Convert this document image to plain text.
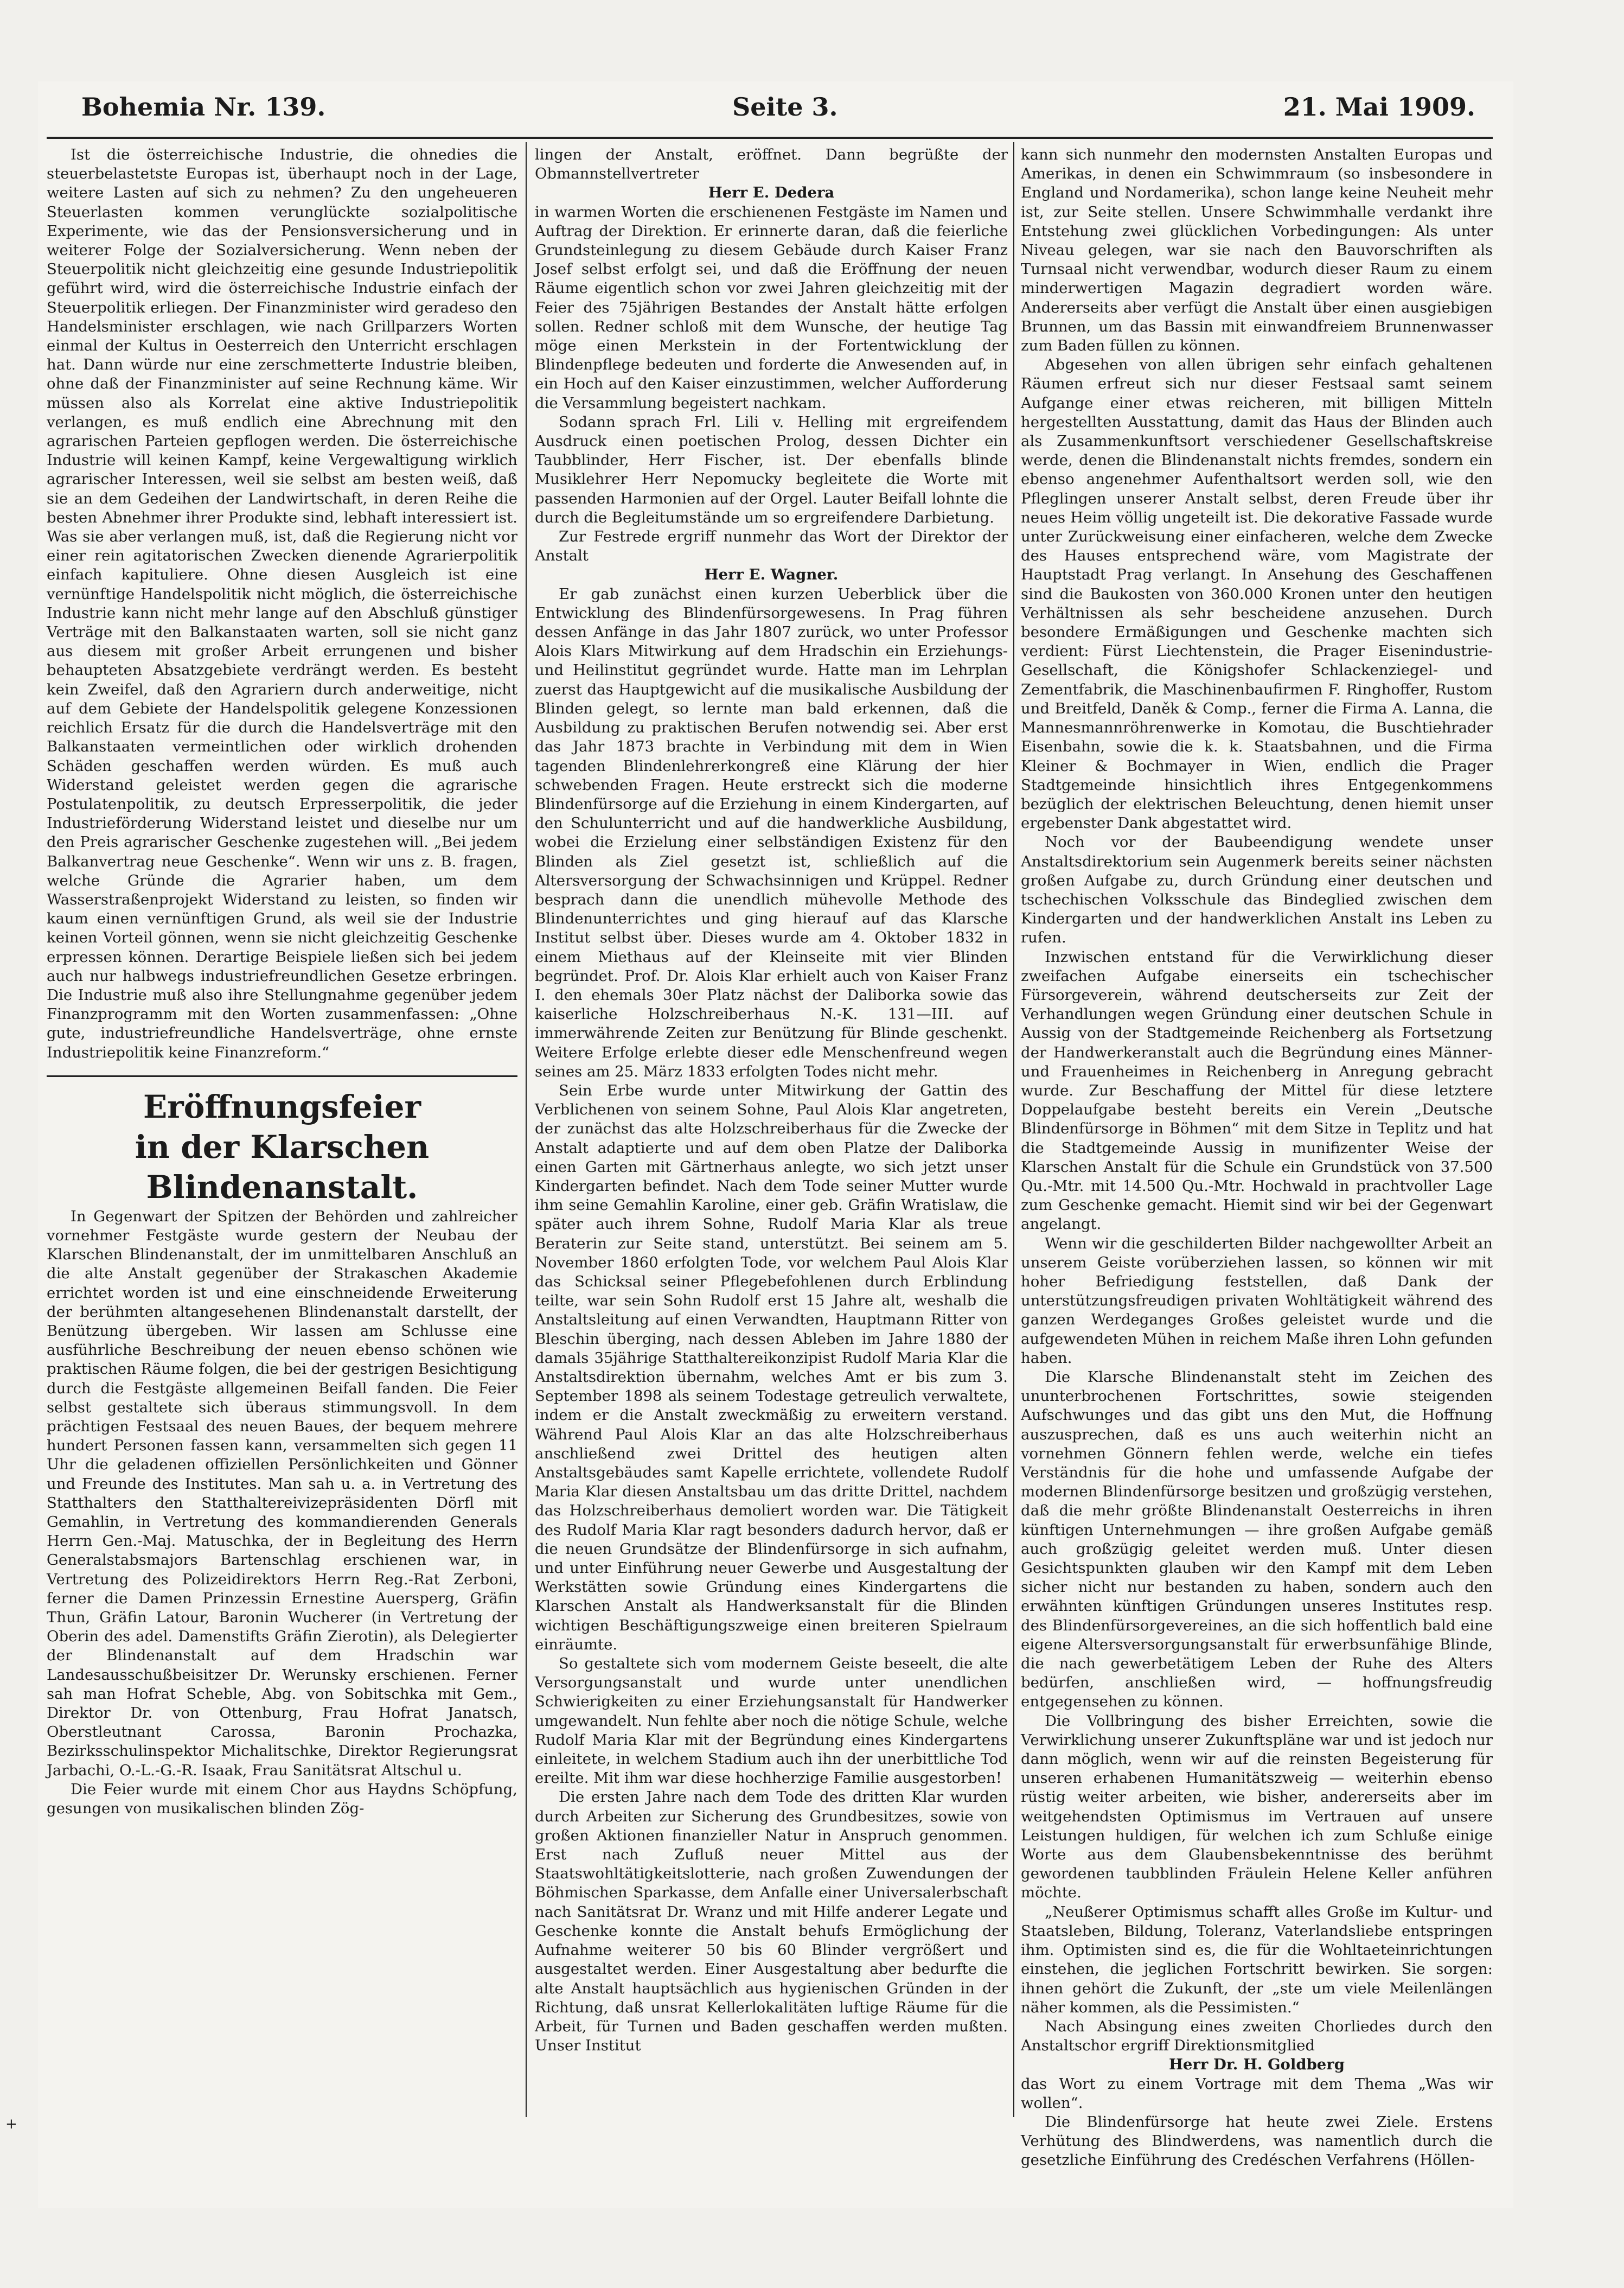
Bohemia Nr. 139.	Seite 3.	21. Mai 1909.

Ist die österreichische Industrie, die ohnedies die steuerbelastetste Europas ist, überhaupt noch in der Lage, weitere Lasten auf sich zu nehmen? Zu den ungeheueren Steuerlasten kommen verunglückte sozialpolitische Experimente, wie das der Pensionsversicherung und in weiterer Folge der Sozialversicherung. Wenn neben der Steuerpolitik nicht gleichzeitig eine gesunde Industriepolitik geführt wird, wird die österreichische Industrie einfach der Steuerpolitik erliegen. Der Finanzminister wird geradeso den Handelsminister erschlagen, wie nach Grillparzers Worten einmal der Kultus in Oesterreich den Unterricht erschlagen hat. Dann würde nur eine zerschmetterte Industrie bleiben, ohne daß der Finanzminister auf seine Rechnung käme. Wir müssen also als Korrelat eine aktive Industriepolitik verlangen, es muß endlich eine Abrechnung mit den agrarischen Parteien gepflogen werden. Die österreichische Industrie will keinen Kampf, keine Vergewaltigung wirklich agrarischer Interessen, weil sie selbst am besten weiß, daß sie an dem Gedeihen der Landwirtschaft, in deren Reihe die besten Abnehmer ihrer Produkte sind, lebhaft interessiert ist. Was sie aber verlangen muß, ist, daß die Regierung nicht vor einer rein agitatorischen Zwecken dienende Agrarierpolitik einfach kapituliere. Ohne diesen Ausgleich ist eine vernünftige Handelspolitik nicht möglich, die österreichische Industrie kann nicht mehr lange auf den Abschluß günstiger Verträge mit den Balkanstaaten warten, soll sie nicht ganz aus diesem mit großer Arbeit errungenen und bisher behaupteten Absatzgebiete verdrängt werden. Es besteht kein Zweifel, daß den Agrariern durch anderweitige, nicht auf dem Gebiete der Handelspolitik gelegene Konzessionen reichlich Ersatz für die durch die Handelsverträge mit den Balkanstaaten vermeintlichen oder wirklich drohenden Schäden geschaffen werden würden. Es muß auch Widerstand geleistet werden gegen die agrarische Postulatenpolitik, zu deutsch Erpresserpolitik, die jeder Industrieförderung Widerstand leistet und dieselbe nur um den Preis agrarischer Geschenke zugestehen will. „Bei jedem Balkanvertrag neue Geschenke“. Wenn wir uns z. B. fragen, welche Gründe die Agrarier haben, um dem Wasserstraßenprojekt Widerstand zu leisten, so finden wir kaum einen vernünftigen Grund, als weil sie der Industrie keinen Vorteil gönnen, wenn sie nicht gleichzeitig Geschenke erpressen können. Derartige Beispiele ließen sich bei jedem auch nur halbwegs industriefreundlichen Gesetze erbringen. Die Industrie muß also ihre Stellungnahme gegenüber jedem Finanzprogramm mit den Worten zusammenfassen: „Ohne gute, industriefreundliche Handelsverträge, ohne ernste Industriepolitik keine Finanzreform.“

Eröffnungsfeier
in der Klarschen Blindenanstalt.

In Gegenwart der Spitzen der Behörden und zahlreicher vornehmer Festgäste wurde gestern der Neubau der Klarschen Blindenanstalt, der im unmittelbaren Anschluß an die alte Anstalt gegenüber der Strakaschen Akademie errichtet worden ist und eine einschneidende Erweiterung der berühmten altangesehenen Blindenanstalt darstellt, der Benützung übergeben. Wir lassen am Schlusse eine ausführliche Beschreibung der neuen ebenso schönen wie praktischen Räume folgen, die bei der gestrigen Besichtigung durch die Festgäste allgemeinen Beifall fanden. Die Feier selbst gestaltete sich überaus stimmungsvoll. In dem prächtigen Festsaal des neuen Baues, der bequem mehrere hundert Personen fassen kann, versammelten sich gegen 11 Uhr die geladenen offiziellen Persönlichkeiten und Gönner und Freunde des Institutes. Man sah u. a. in Vertretung des Statthalters den Statthaltereivizepräsidenten Dörfl mit Gemahlin, in Vertretung des kommandierenden Generals Herrn Gen.-Maj. Matuschka, der in Begleitung des Herrn Generalstabsmajors Bartenschlag erschienen war, in Vertretung des Polizeidirektors Herrn Reg.-Rat Zerboni, ferner die Damen Prinzessin Ernestine Auersperg, Gräfin Thun, Gräfin Latour, Baronin Wucherer (in Vertretung der Oberin des adel. Damenstifts Gräfin Zierotin), als Delegierter der Blindenanstalt auf dem Hradschin war Landesausschußbeisitzer Dr. Werunsky erschienen. Ferner sah man Hofrat Scheble, Abg. von Sobitschka mit Gem., Direktor Dr. von Ottenburg, Frau Hofrat Janatsch, Oberstleutnant Carossa, Baronin Prochazka, Bezirksschulinspektor Michalitschke, Direktor Regierungsrat Jarbachi, O.-L.-G.-R. Isaak, Frau Sanitätsrat Altschul u.

Die Feier wurde mit einem Chor aus Haydns Schöpfung, gesungen von musikalischen blinden Zög-

lingen der Anstalt, eröffnet. Dann begrüßte der Obmannstellvertreter

Herr E. Dedera

in warmen Worten die erschienenen Festgäste im Namen und Auftrag der Direktion. Er erinnerte daran, daß die feierliche Grundsteinlegung zu diesem Gebäude durch Kaiser Franz Josef selbst erfolgt sei, und daß die Eröffnung der neuen Räume eigentlich schon vor zwei Jahren gleichzeitig mit der Feier des 75jährigen Bestandes der Anstalt hätte erfolgen sollen. Redner schloß mit dem Wunsche, der heutige Tag möge einen Merkstein in der Fortentwicklung der Blindenpflege bedeuten und forderte die Anwesenden auf, in ein Hoch auf den Kaiser einzustimmen, welcher Aufforderung die Versammlung begeistert nachkam.

Sodann sprach Frl. Lili v. Helling mit ergreifendem Ausdruck einen poetischen Prolog, dessen Dichter ein Taubblinder, Herr Fischer, ist. Der ebenfalls blinde Musiklehrer Herr Nepomucky begleitete die Worte mit passenden Harmonien auf der Orgel. Lauter Beifall lohnte die durch die Begleitumstände um so ergreifendere Darbietung.

Zur Festrede ergriff nunmehr das Wort der Direktor der Anstalt

Herr E. Wagner.

Er gab zunächst einen kurzen Ueberblick über die Entwicklung des Blindenfürsorgewesens. In Prag führen dessen Anfänge in das Jahr 1807 zurück, wo unter Professor Alois Klars Mitwirkung auf dem Hradschin ein Erziehungs- und Heilinstitut gegründet wurde. Hatte man im Lehrplan zuerst das Hauptgewicht auf die musikalische Ausbildung der Blinden gelegt, so lernte man bald erkennen, daß die Ausbildung zu praktischen Berufen notwendig sei. Aber erst das Jahr 1873 brachte in Verbindung mit dem in Wien tagenden Blindenlehrerkongreß eine Klärung der hier schwebenden Fragen. Heute erstreckt sich die moderne Blindenfürsorge auf die Erziehung in einem Kindergarten, auf den Schulunterricht und auf die handwerkliche Ausbildung, wobei die Erzielung einer selbständigen Existenz für den Blinden als Ziel gesetzt ist, schließlich auf die Altersversorgung der Schwachsinnigen und Krüppel. Redner besprach dann die unendlich mühevolle Methode des Blindenunterrichtes und ging hierauf auf das Klarsche Institut selbst über. Dieses wurde am 4. Oktober 1832 in einem Miethaus auf der Kleinseite mit vier Blinden begründet. Prof. Dr. Alois Klar erhielt auch von Kaiser Franz I. den ehemals 30er Platz nächst der Daliborka sowie das kaiserliche Holzschreiberhaus N.-K. 131—III. auf immerwährende Zeiten zur Benützung für Blinde geschenkt. Weitere Erfolge erlebte dieser edle Menschenfreund wegen seines am 25. März 1833 erfolgten Todes nicht mehr.

Sein Erbe wurde unter Mitwirkung der Gattin des Verblichenen von seinem Sohne, Paul Alois Klar angetreten, der zunächst das alte Holzschreiberhaus für die Zwecke der Anstalt adaptierte und auf dem oben Platze der Daliborka einen Garten mit Gärtnerhaus anlegte, wo sich jetzt unser Kindergarten befindet. Nach dem Tode seiner Mutter wurde ihm seine Gemahlin Karoline, einer geb. Gräfin Wratislaw, die später auch ihrem Sohne, Rudolf Maria Klar als treue Beraterin zur Seite stand, unterstützt. Bei seinem am 5. November 1860 erfolgten Tode, vor welchem Paul Alois Klar das Schicksal seiner Pflegebefohlenen durch Erblindung teilte, war sein Sohn Rudolf erst 15 Jahre alt, weshalb die Anstaltsleitung auf einen Verwandten, Hauptmann Ritter von Bleschin überging, nach dessen Ableben im Jahre 1880 der damals 35jährige Statthaltereikonzipist Rudolf Maria Klar die Anstaltsdirektion übernahm, welches Amt er bis zum 3. September 1898 als seinem Todestage getreulich verwaltete, indem er die Anstalt zweckmäßig zu erweitern verstand. Während Paul Alois Klar an das alte Holzschreiberhaus anschließend zwei Drittel des heutigen alten Anstaltsgebäudes samt Kapelle errichtete, vollendete Rudolf Maria Klar diesen Anstaltsbau um das dritte Drittel, nachdem das Holzschreiberhaus demoliert worden war. Die Tätigkeit des Rudolf Maria Klar ragt besonders dadurch hervor, daß er die neuen Grundsätze der Blindenfürsorge in sich aufnahm, und unter Einführung neuer Gewerbe und Ausgestaltung der Werkstätten sowie Gründung eines Kindergartens die Klarschen Anstalt als Handwerksanstalt für die Blinden wichtigen Beschäftigungszweige einen breiteren Spielraum einräumte.

So gestaltete sich vom modernem Geiste beseelt, die alte Versorgungsanstalt und wurde unter unendlichen Schwierigkeiten zu einer Erziehungsanstalt für Handwerker umgewandelt. Nun fehlte aber noch die nötige Schule, welche Rudolf Maria Klar mit der Begründung eines Kindergartens einleitete, in welchem Stadium auch ihn der unerbittliche Tod ereilte. Mit ihm war diese hochherzige Familie ausgestorben!

Die ersten Jahre nach dem Tode des dritten Klar wurden durch Arbeiten zur Sicherung des Grundbesitzes, sowie von großen Aktionen finanzieller Natur in Anspruch genommen. Erst nach Zufluß neuer Mittel aus der Staatswohltätigkeitslotterie, nach großen Zuwendungen der Böhmischen Sparkasse, dem Anfalle einer Universalerbschaft nach Sanitätsrat Dr. Wranz und mit Hilfe anderer Legate und Geschenke konnte die Anstalt behufs Ermöglichung der Aufnahme weiterer 50 bis 60 Blinder vergrößert und ausgestaltet werden. Einer Ausgestaltung aber bedurfte die alte Anstalt hauptsächlich aus hygienischen Gründen in der Richtung, daß unsrat Kellerlokalitäten luftige Räume für die Arbeit, für Turnen und Baden geschaffen werden mußten. Unser Institut

kann sich nunmehr den modernsten Anstalten Europas und Amerikas, in denen ein Schwimmraum (so insbesondere in England und Nordamerika), schon lange keine Neuheit mehr ist, zur Seite stellen. Unsere Schwimmhalle verdankt ihre Entstehung zwei glücklichen Vorbedingungen: Als unter Niveau gelegen, war sie nach den Bauvorschriften als Turnsaal nicht verwendbar, wodurch dieser Raum zu einem minderwertigen Magazin degradiert worden wäre. Andererseits aber verfügt die Anstalt über einen ausgiebigen Brunnen, um das Bassin mit einwandfreiem Brunnenwasser zum Baden füllen zu können.

Abgesehen von allen übrigen sehr einfach gehaltenen Räumen erfreut sich nur dieser Festsaal samt seinem Aufgange einer etwas reicheren, mit billigen Mitteln hergestellten Ausstattung, damit das Haus der Blinden auch als Zusammenkunftsort verschiedener Gesellschaftskreise werde, denen die Blindenanstalt nichts fremdes, sondern ein ebenso angenehmer Aufenthaltsort werden soll, wie den Pfleglingen unserer Anstalt selbst, deren Freude über ihr neues Heim völlig ungeteilt ist. Die dekorative Fassade wurde unter Zurückweisung einer einfacheren, welche dem Zwecke des Hauses entsprechend wäre, vom Magistrate der Hauptstadt Prag verlangt. In Ansehung des Geschaffenen sind die Baukosten von 360.000 Kronen unter den heutigen Verhältnissen als sehr bescheidene anzusehen. Durch besondere Ermäßigungen und Geschenke machten sich verdient: Fürst Liechtenstein, die Prager Eisenindustrie-Gesellschaft, die Königshofer Schlackenziegel- und Zementfabrik, die Maschinenbaufirmen F. Ringhoffer, Rustom und Breitfeld, Daněk & Comp., ferner die Firma A. Lanna, die Mannesmannröhrenwerke in Komotau, die Buschtiehrader Eisenbahn, sowie die k. k. Staatsbahnen, und die Firma Kleiner & Bochmayer in Wien, endlich die Prager Stadtgemeinde hinsichtlich ihres Entgegenkommens bezüglich der elektrischen Beleuchtung, denen hiemit unser ergebenster Dank abgestattet wird.

Noch vor der Baubeendigung wendete unser Anstaltsdirektorium sein Augenmerk bereits seiner nächsten großen Aufgabe zu, durch Gründung einer deutschen und tschechischen Volksschule das Bindeglied zwischen dem Kindergarten und der handwerklichen Anstalt ins Leben zu rufen.

Inzwischen entstand für die Verwirklichung dieser zweifachen Aufgabe einerseits ein tschechischer Fürsorgeverein, während deutscherseits zur Zeit der Verhandlungen wegen Gründung einer deutschen Schule in Aussig von der Stadtgemeinde Reichenberg als Fortsetzung der Handwerkeranstalt auch die Begründung eines Männer- und Frauenheimes in Reichenberg in Anregung gebracht wurde. Zur Beschaffung der Mittel für diese letztere Doppelaufgabe besteht bereits ein Verein „Deutsche Blindenfürsorge in Böhmen“ mit dem Sitze in Teplitz und hat die Stadtgemeinde Aussig in munifizenter Weise der Klarschen Anstalt für die Schule ein Grundstück von 37.500 Qu.-Mtr. mit 14.500 Qu.-Mtr. Hochwald in prachtvoller Lage zum Geschenke gemacht. Hiemit sind wir bei der Gegenwart angelangt.

Wenn wir die geschilderten Bilder nachgewollter Arbeit an unserem Geiste vorüberziehen lassen, so können wir mit hoher Befriedigung feststellen, daß Dank der unterstützungsfreudigen privaten Wohltätigkeit während des ganzen Werdeganges Großes geleistet wurde und die aufgewendeten Mühen in reichem Maße ihren Lohn gefunden haben.

Die Klarsche Blindenanstalt steht im Zeichen des ununterbrochenen Fortschrittes, sowie steigenden Aufschwunges und das gibt uns den Mut, die Hoffnung auszusprechen, daß es uns auch weiterhin nicht an vornehmen Gönnern fehlen werde, welche ein tiefes Verständnis für die hohe und umfassende Aufgabe der modernen Blindenfürsorge besitzen und großzügig verstehen, daß die mehr größte Blindenanstalt Oesterreichs in ihren künftigen Unternehmungen — ihre großen Aufgabe gemäß auch großzügig geleitet werden muß. Unter diesen Gesichtspunkten glauben wir den Kampf mit dem Leben sicher nicht nur bestanden zu haben, sondern auch den erwähnten künftigen Gründungen unseres Institutes resp. des Blindenfürsorgevereines, an die sich hoffentlich bald eine eigene Altersversorgungsanstalt für erwerbsunfähige Blinde, die nach gewerbetätigem Leben der Ruhe des Alters bedürfen, anschließen wird, — hoffnungsfreudig entgegensehen zu können.

Die Vollbringung des bisher Erreichten, sowie die Verwirklichung unserer Zukunftspläne war und ist jedoch nur dann möglich, wenn wir auf die reinsten Begeisterung für unseren erhabenen Humanitätszweig — weiterhin ebenso rüstig weiter arbeiten, wie bisher, andererseits aber im weitgehendsten Optimismus im Vertrauen auf unsere Leistungen huldigen, für welchen ich zum Schluße einige Worte aus dem Glaubensbekenntnisse des berühmt gewordenen taubblinden Fräulein Helene Keller anführen möchte.

„Neußerer Optimismus schafft alles Große im Kultur- und Staatsleben, Bildung, Toleranz, Vaterlandsliebe entspringen ihm. Optimisten sind es, die für die Wohltaeteinrichtungen einstehen, die jeglichen Fortschritt bewirken. Sie sorgen: ihnen gehört die Zukunft, der „ste um viele Meilenlängen näher kommen, als die Pessimisten.“

Nach Absingung eines zweiten Chorliedes durch den Anstaltschor ergriff Direktionsmitglied

Herr Dr. H. Goldberg

das Wort zu einem Vortrage mit dem Thema „Was wir wollen“.

Die Blindenfürsorge hat heute zwei Ziele. Erstens Verhütung des Blindwerdens, was namentlich durch die gesetzliche Einführung des Credéschen Verfahrens (Höllen-

+
